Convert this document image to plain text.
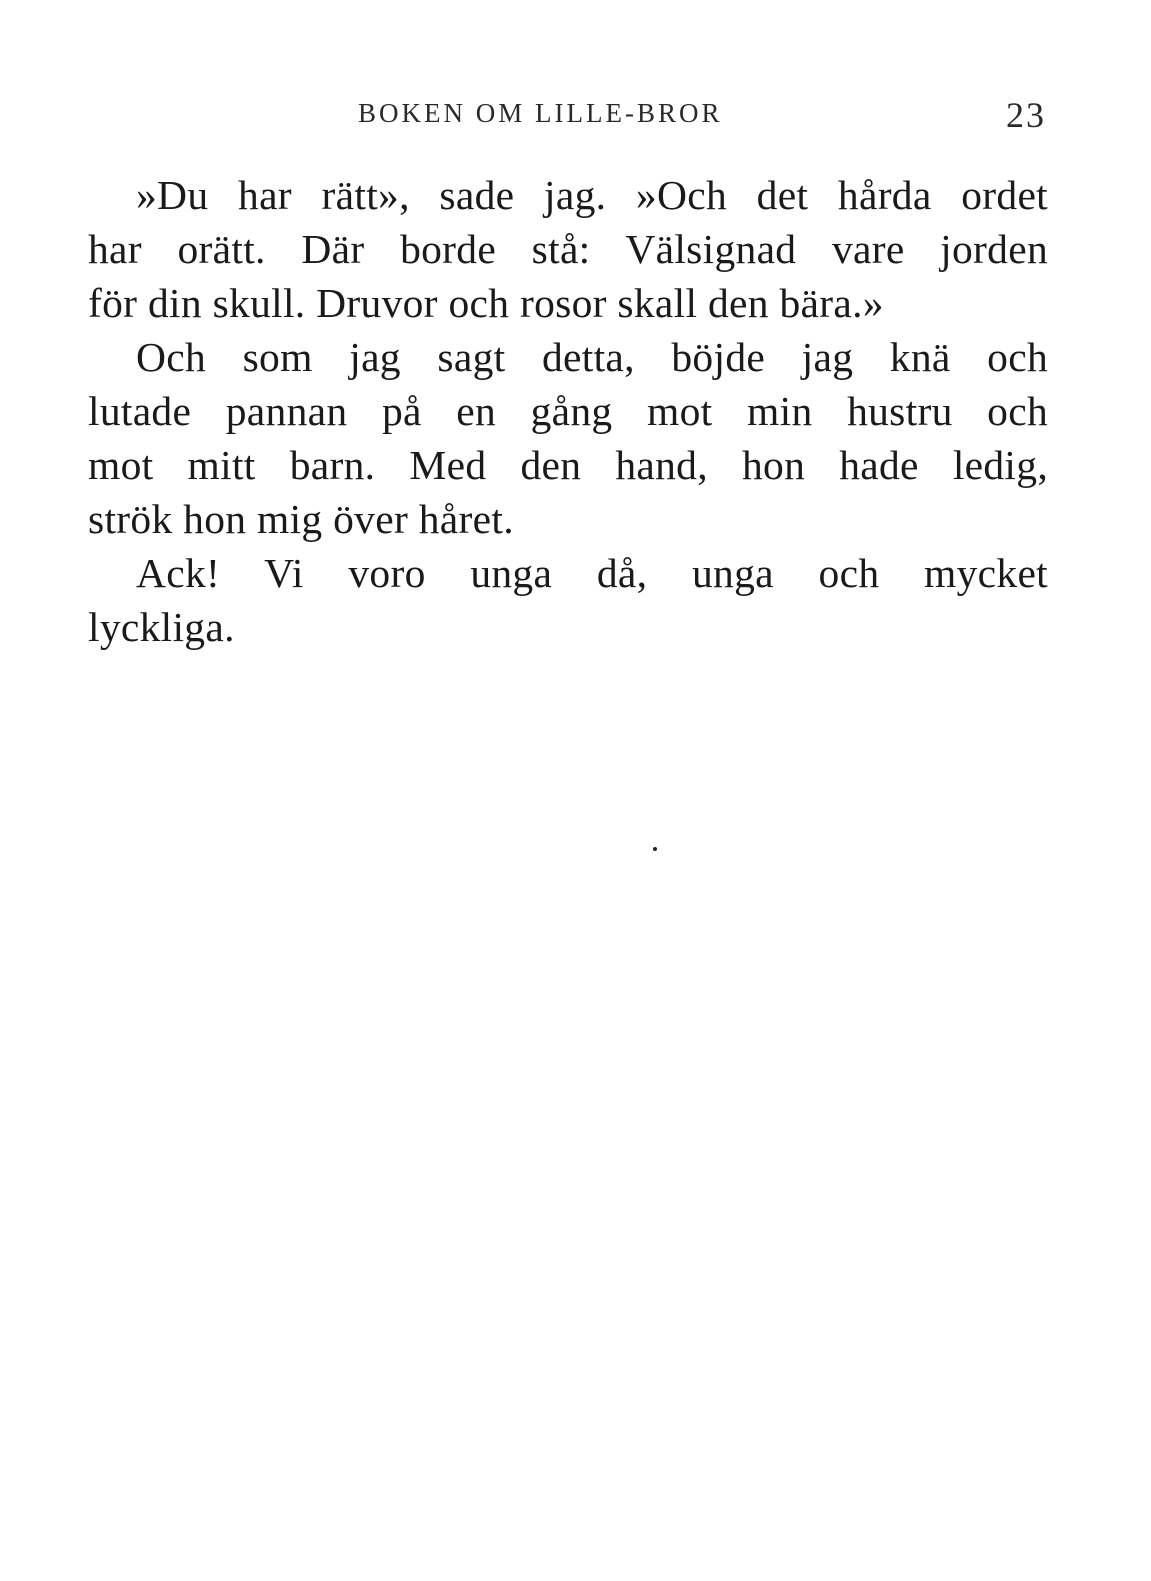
BOKEN OM LILLE-BROR	23
»Du har rätt», sade jag. »Och det hårda ordet
har orätt. Där borde stå: Välsignad vare jorden
för din skull. Druvor och rosor skall den bära.»
Och som jag sagt detta, böjde jag knä och
lutade pannan på en gång mot min hustru och
mot mitt barn. Med den hand, hon hade ledig,
strök hon mig över håret.
Ack! Vi voro unga då, unga och mycket
lyckliga.
